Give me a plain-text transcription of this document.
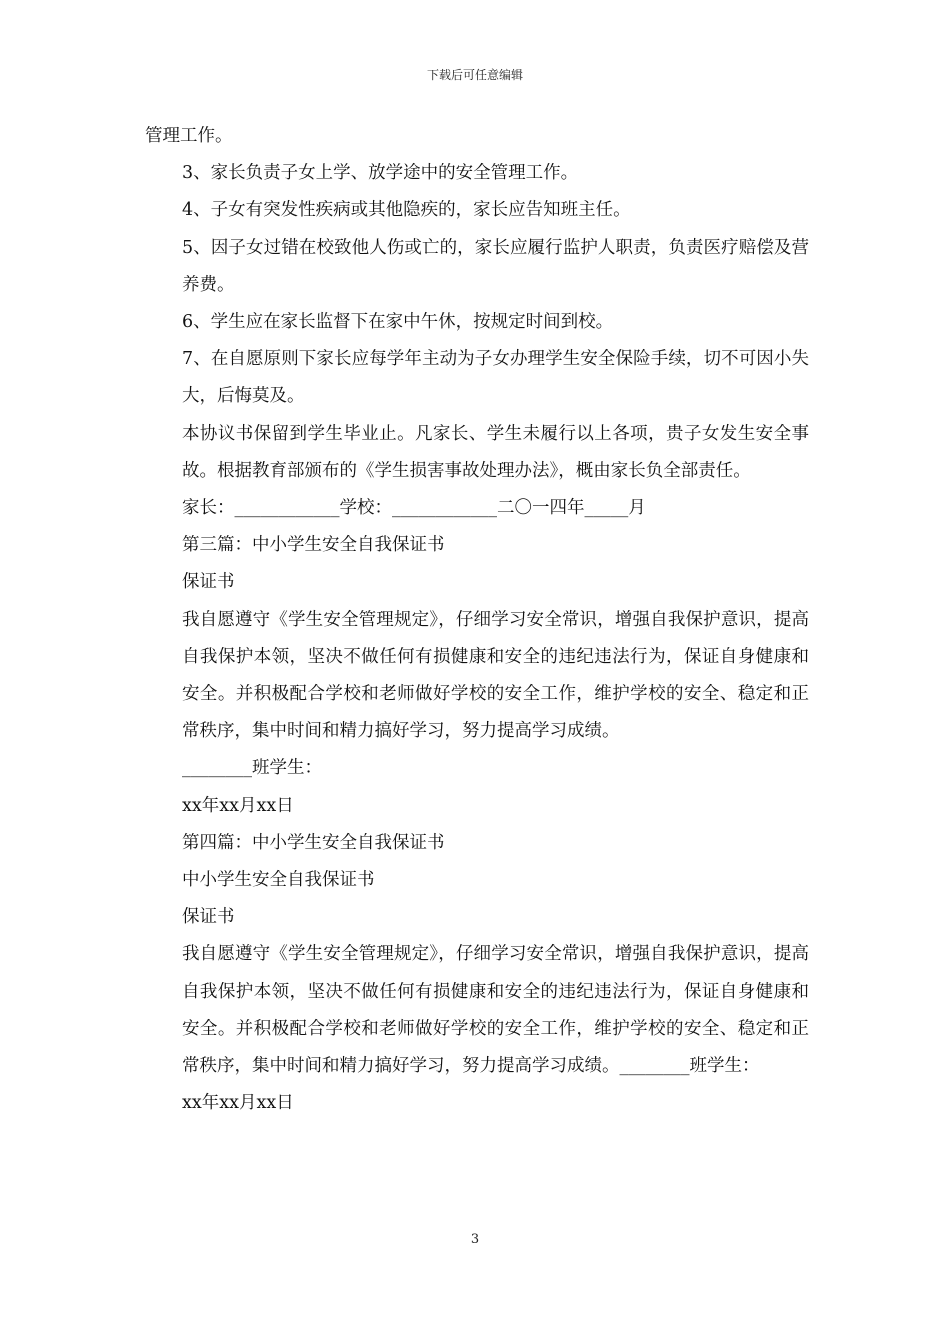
下载后可任意编辑

管理工作。

3、家长负责子女上学、放学途中的安全管理工作。

4、子女有突发性疾病或其他隐疾的，家长应告知班主任。

5、因子女过错在校致他人伤或亡的，家长应履行监护人职责，负责医疗赔偿及营养费。

6、学生应在家长监督下在家中午休，按规定时间到校。

7、在自愿原则下家长应每学年主动为子女办理学生安全保险手续，切不可因小失大，后悔莫及。

本协议书保留到学生毕业止。凡家长、学生未履行以上各项，贵子女发生安全事故。根据教育部颁布的《学生损害事故处理办法》，概由家长负全部责任。

家长：____________学校：____________二〇一四年_____月

第三篇：中小学生安全自我保证书

保证书

我自愿遵守《学生安全管理规定》，仔细学习安全常识，增强自我保护意识，提高自我保护本领，坚决不做任何有损健康和安全的违纪违法行为，保证自身健康和安全。并积极配合学校和老师做好学校的安全工作，维护学校的安全、稳定和正常秩序，集中时间和精力搞好学习，努力提高学习成绩。

________班学生：

xx年xx月xx日

第四篇：中小学生安全自我保证书

中小学生安全自我保证书

保证书

我自愿遵守《学生安全管理规定》，仔细学习安全常识，增强自我保护意识，提高自我保护本领，坚决不做任何有损健康和安全的违纪违法行为，保证自身健康和安全。并积极配合学校和老师做好学校的安全工作，维护学校的安全、稳定和正常秩序，集中时间和精力搞好学习，努力提高学习成绩。________班学生：

xx年xx月xx日

3
